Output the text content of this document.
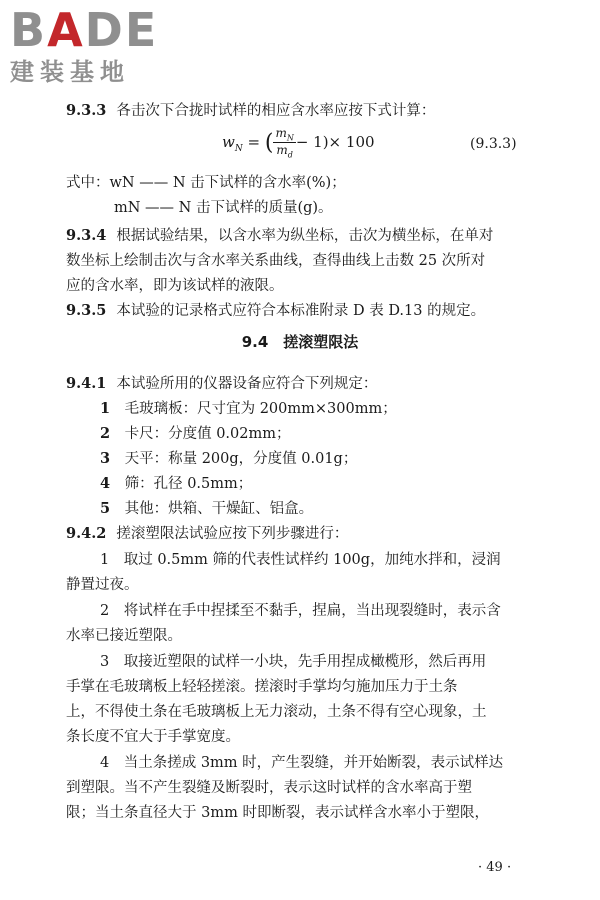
BADE
建装基地
9.3.3 各击次下合拢时试样的相应含水率应按下式计算：
$w_N$ = ( $\frac{m_N}{m_d} - 1)\times 100$	(9.3.3)
式中：wN —— N 击下试样的含水率(%)；
mN —— N 击下试样的质量(g)。
9.3.4 根据试验结果，以含水率为纵坐标，击次为横坐标，在单对
数坐标上绘制击次与含水率关系曲线，查得曲线上击数 25 次所对
应的含水率，即为该试样的液限。
9.3.5 本试验的记录格式应符合本标准附录 D 表 D.13 的规定。
9.4　搓滚塑限法
9.4.1 本试验所用的仪器设备应符合下列规定：
1　 毛玻璃板：尺寸宜为 200mm×300mm；
2　 卡尺：分度值 0.02mm；
3　 天平：称量 200g，分度值 0.01g；
4　 筛：孔径 0.5mm；
5　 其他：烘箱、干燥缸、铝盒。
9.4.2 搓滚塑限法试验应按下列步骤进行：
1　取过 0.5mm 筛的代表性试样约 100g，加纯水拌和，浸润
静置过夜。
2　将试样在手中捏揉至不黏手，捏扁，当出现裂缝时，表示含
水率已接近塑限。
3　取接近塑限的试样一小块，先手用捏成橄榄形，然后再用
手掌在毛玻璃板上轻轻搓滚。搓滚时手掌均匀施加压力于土条
上，不得使土条在毛玻璃板上无力滚动，土条不得有空心现象，土
条长度不宜大于手掌宽度。
4　当土条搓成 3mm 时，产生裂缝，并开始断裂，表示试样达
到塑限。当不产生裂缝及断裂时，表示这时试样的含水率高于塑
限；当土条直径大于 3mm 时即断裂，表示试样含水率小于塑限，
· 49 ·
